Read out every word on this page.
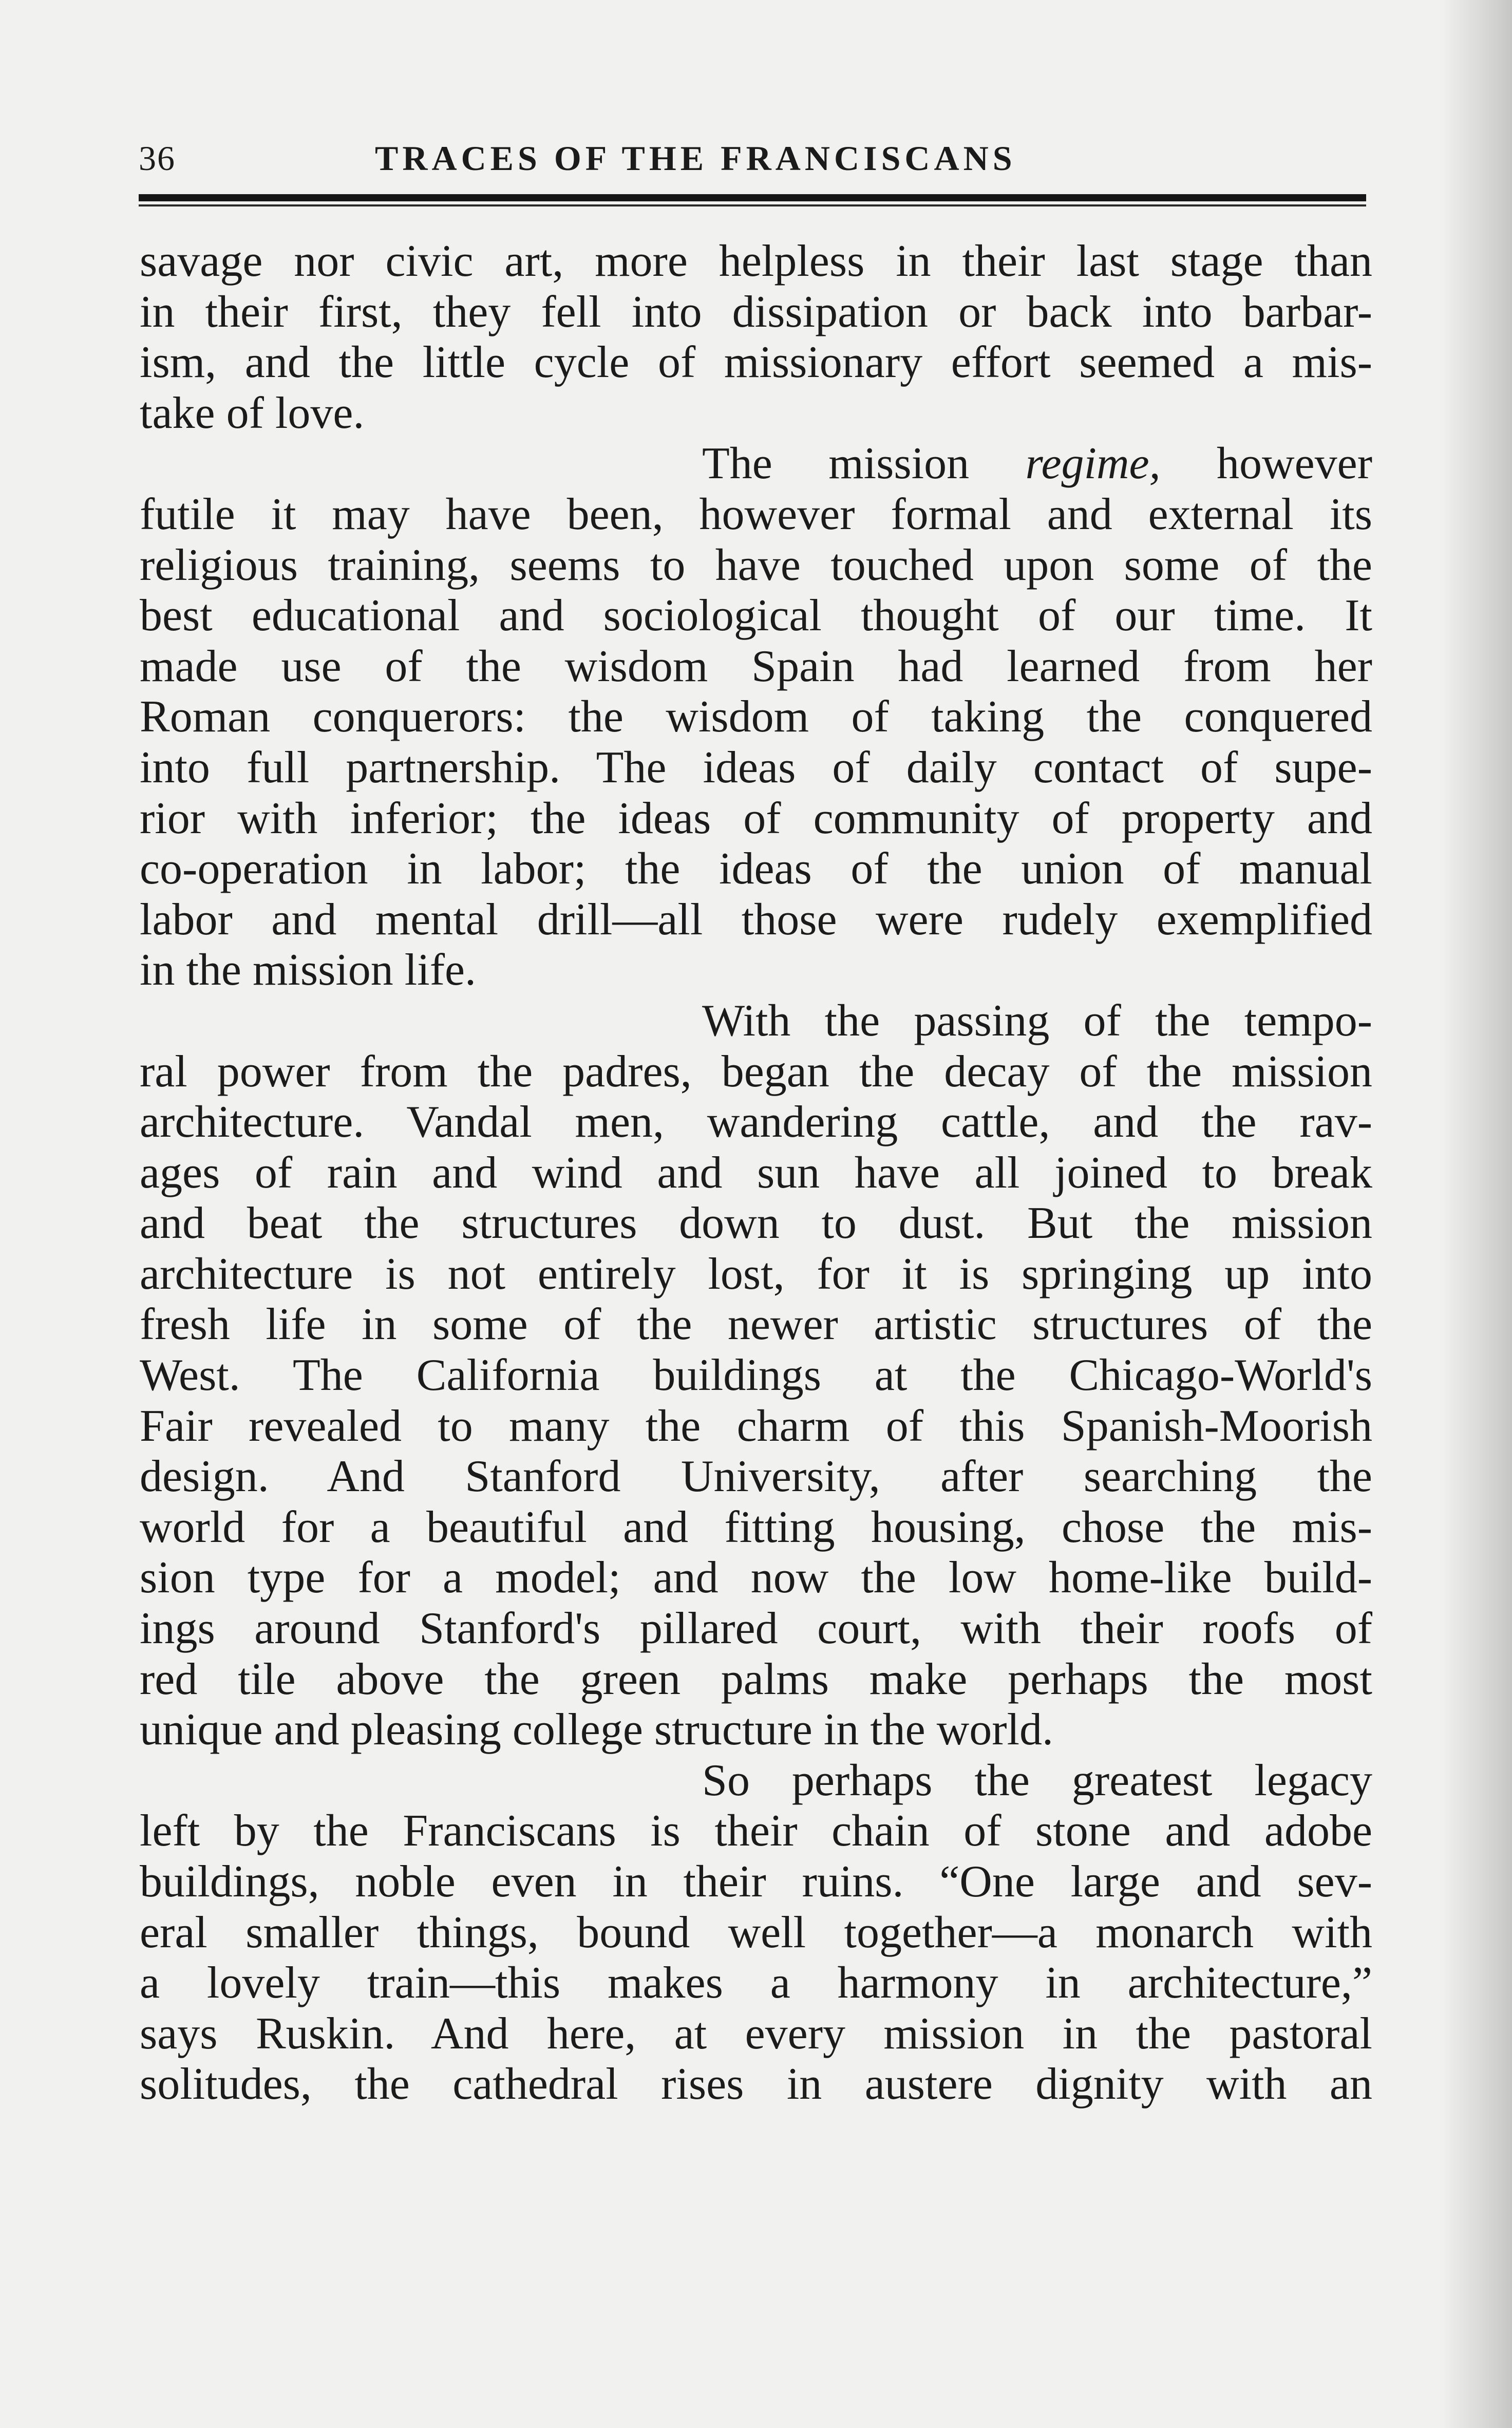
36	TRACES OF THE FRANCISCANS
savage nor civic art, more helpless in their last stage than
in their first, they fell into dissipation or back into barbar-
ism, and the little cycle of missionary effort seemed a mis-
take of love.
The mission regime, however
futile it may have been, however formal and external its
religious training, seems to have touched upon some of the
best educational and sociological thought of our time. It
made use of the wisdom Spain had learned from her
Roman conquerors: the wisdom of taking the conquered
into full partnership. The ideas of daily contact of supe-
rior with inferior; the ideas of community of property and
co-operation in labor; the ideas of the union of manual
labor and mental drill—all those were rudely exemplified
in the mission life.
With the passing of the tempo-
ral power from the padres, began the decay of the mission
architecture. Vandal men, wandering cattle, and the rav-
ages of rain and wind and sun have all joined to break
and beat the structures down to dust. But the mission
architecture is not entirely lost, for it is springing up into
fresh life in some of the newer artistic structures of the
West. The California buildings at the Chicago-World's
Fair revealed to many the charm of this Spanish-Moorish
design. And Stanford University, after searching the
world for a beautiful and fitting housing, chose the mis-
sion type for a model; and now the low home-like build-
ings around Stanford's pillared court, with their roofs of
red tile above the green palms make perhaps the most
unique and pleasing college structure in the world.
So perhaps the greatest legacy
left by the Franciscans is their chain of stone and adobe
buildings, noble even in their ruins. “One large and sev-
eral smaller things, bound well together—a monarch with
a lovely train—this makes a harmony in architecture,”
says Ruskin. And here, at every mission in the pastoral
solitudes, the cathedral rises in austere dignity with an
